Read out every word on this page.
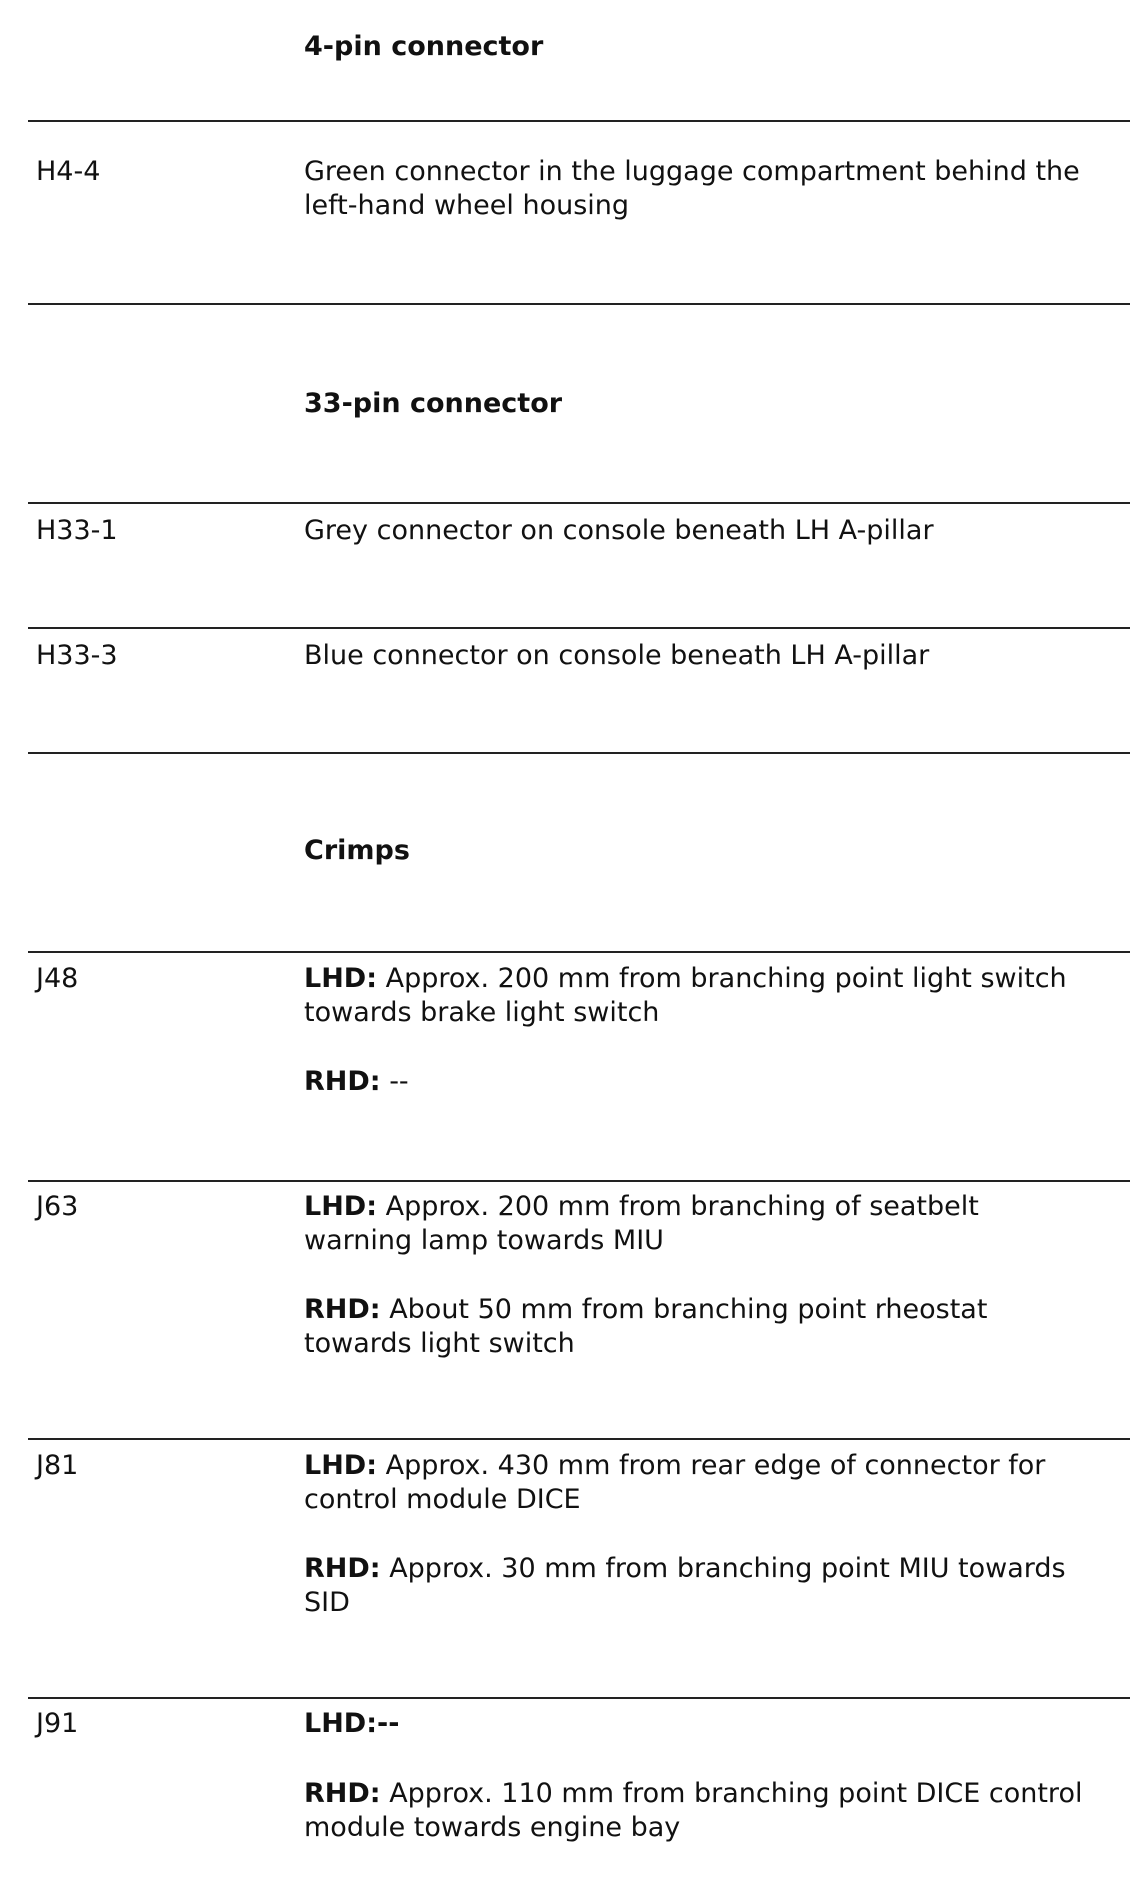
4-pin connector
H4-4	Green connector in the luggage compartment behind the
left-hand wheel housing
33-pin connector
H33-1	Grey connector on console beneath LH A-pillar
H33-3	Blue connector on console beneath LH A-pillar
Crimps
J48	LHD: Approx. 200 mm from branching point light switch
towards brake light switch
RHD: --
J63	LHD: Approx. 200 mm from branching of seatbelt
warning lamp towards MIU
RHD: About 50 mm from branching point rheostat
towards light switch
J81	LHD: Approx. 430 mm from rear edge of connector for
control module DICE
RHD: Approx. 30 mm from branching point MIU towards
SID
J91	LHD:--
RHD: Approx. 110 mm from branching point DICE control
module towards engine bay
